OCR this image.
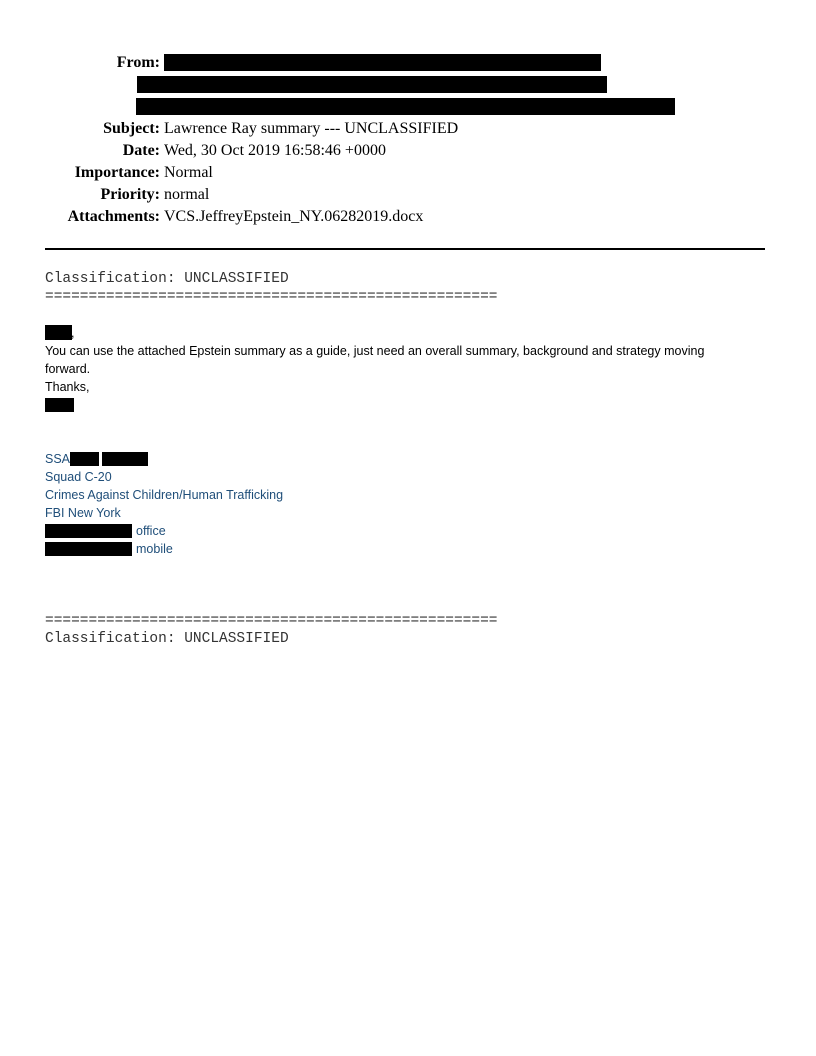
From:
Subject: Lawrence Ray summary --- UNCLASSIFIED
Date: Wed, 30 Oct 2019 16:58:46 +0000
Importance: Normal
Priority: normal
Attachments: VCS.JeffreyEpstein_NY.06282019.docx
Classification: UNCLASSIFIED
====================================================
,
You can use the attached Epstein summary as a guide, just need an overall summary, background and strategy moving
forward.
Thanks,
SSA
Squad C-20
Crimes Against Children/Human Trafficking
FBI New York
office
mobile
====================================================
Classification: UNCLASSIFIED
